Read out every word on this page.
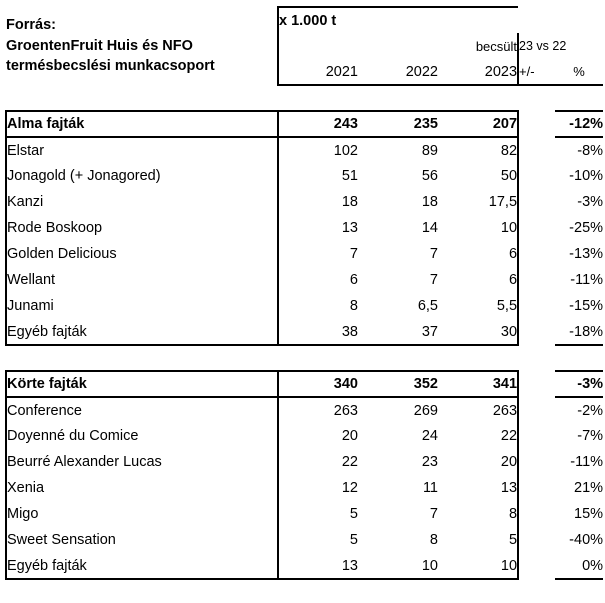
Forrás:
GroentenFruit Huis és NFO
termésbecslési munkacsoport	x 1.000 t				
			becsült	23 vs 22	
	2021	2022	2023	+/-	%

Alma fajták	243	235	207		-12%
Elstar	102	89	82		-8%
Jonagold (+ Jonagored)	51	56	50		-10%
Kanzi	18	18	17,5		-3%
Rode Boskoop	13	14	10		-25%
Golden Delicious	7	7	6		-13%
Wellant	6	7	6		-11%
Junami	8	6,5	5,5		-15%
Egyéb fajták	38	37	30		-18%

Körte fajták	340	352	341		-3%
Conference	263	269	263		-2%
Doyenné du Comice	20	24	22		-7%
Beurré Alexander Lucas	22	23	20		-11%
Xenia	12	11	13		21%
Migo	5	7	8		15%
Sweet Sensation	5	8	5		-40%
Egyéb fajták	13	10	10		0%
